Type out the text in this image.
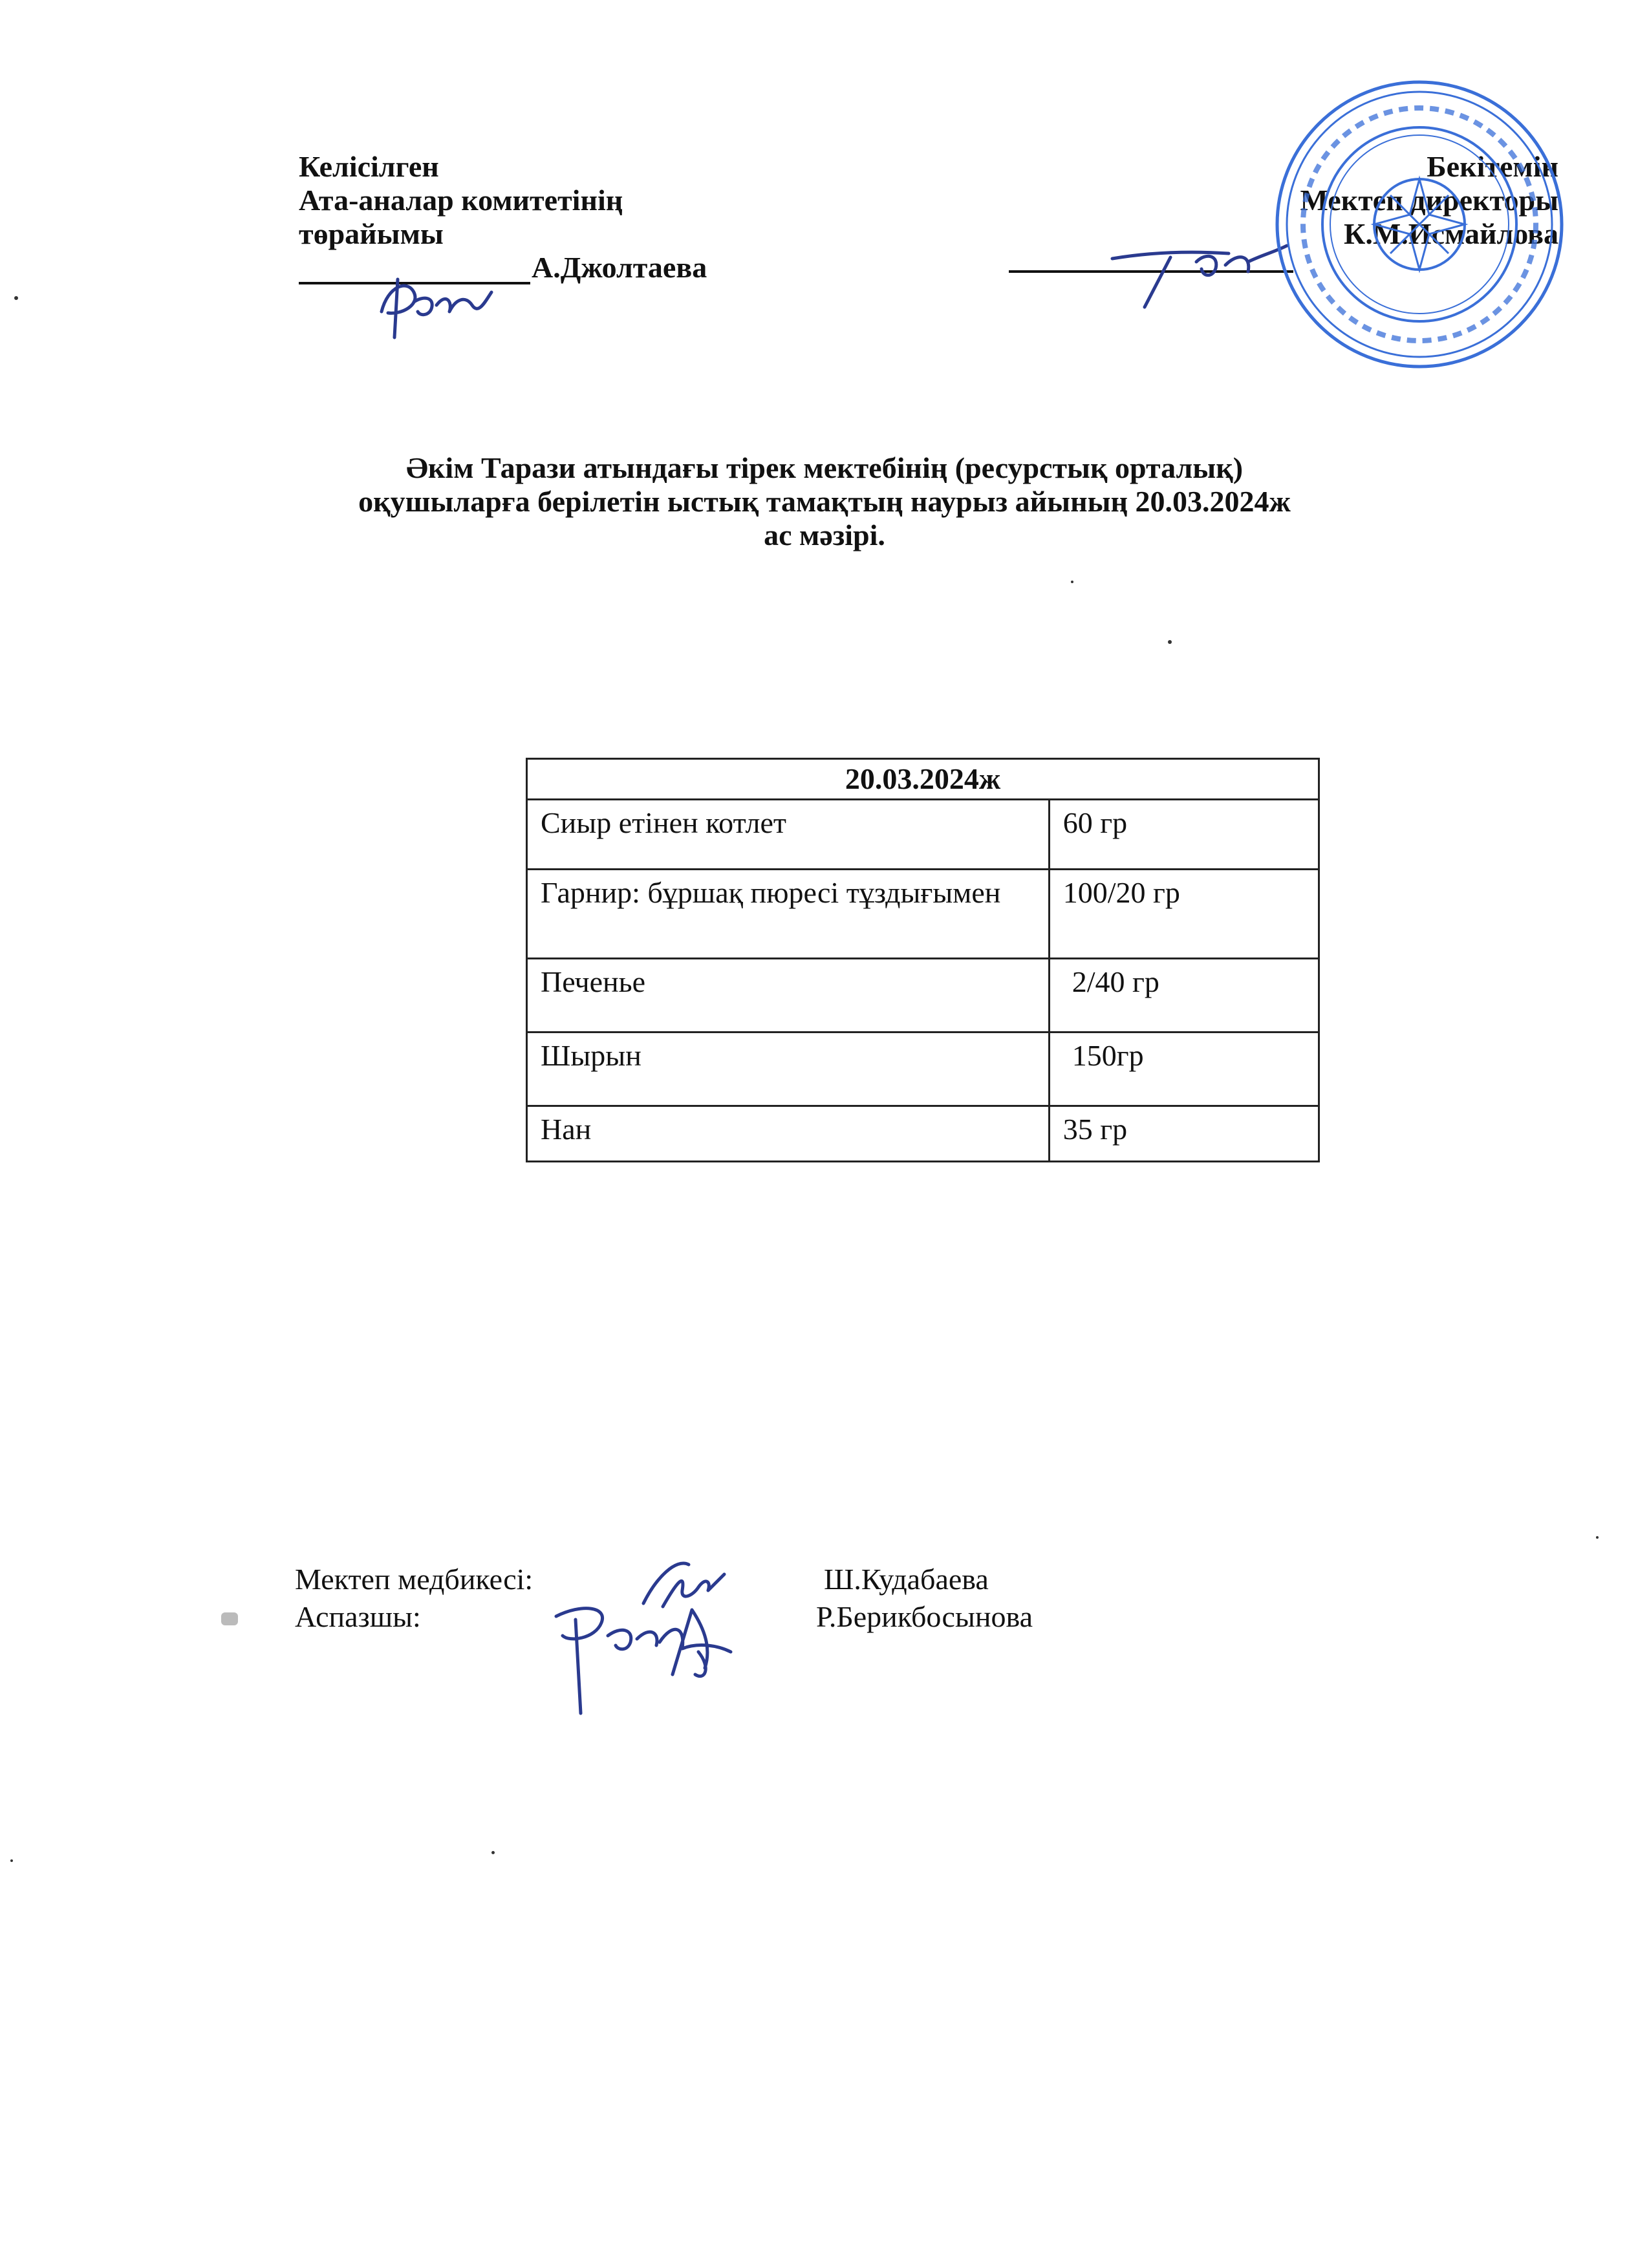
Келісілген
Ата-аналар комитетінің
төрайымы
А.Джолтаева
Бекітемін
Мектеп директоры
К.М.Исмайлова
Әкім Тарази атындағы тірек мектебінің (ресурстық орталық)
оқушыларға берілетін ыстық тамақтың наурыз айының 20.03.2024ж
ас мәзірі.
20.03.2024ж	
Сиыр етінен котлет	60 гр
Гарнир: бұршақ пюресі тұздығымен	100/20 гр
Печенье	2/40 гр
Шырын	150гр
Нан	35 гр
Мектеп медбикесі:	Ш.Кудабаева
Аспазшы:	Р.Берикбосынова
